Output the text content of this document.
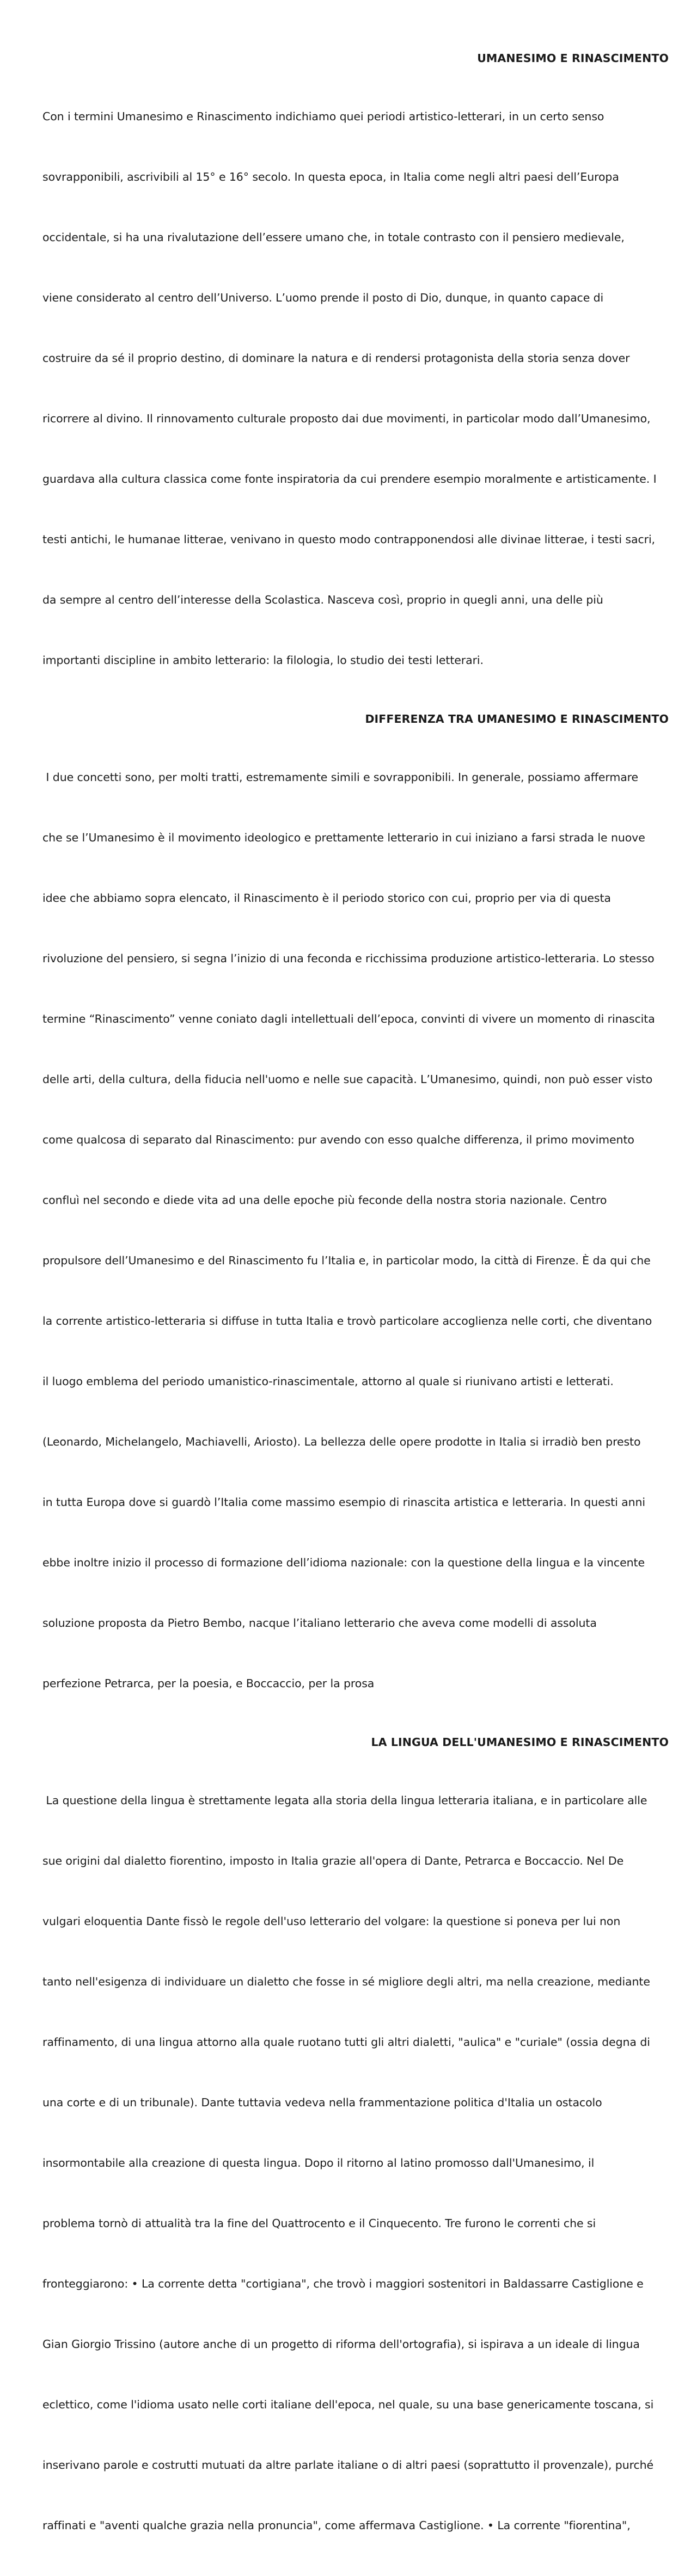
UMANESIMO E RINASCIMENTO

Con i termini Umanesimo e Rinascimento indichiamo quei periodi artistico-letterari, in un certo senso

sovrapponibili, ascrivibili al 15° e 16° secolo. In questa epoca, in Italia come negli altri paesi dell’Europa

occidentale, si ha una rivalutazione dell’essere umano che, in totale contrasto con il pensiero medievale,

viene considerato al centro dell’Universo. L’uomo prende il posto di Dio, dunque, in quanto capace di

costruire da sé il proprio destino, di dominare la natura e di rendersi protagonista della storia senza dover

ricorrere al divino. Il rinnovamento culturale proposto dai due movimenti, in particolar modo dall’Umanesimo,

guardava alla cultura classica come fonte inspiratoria da cui prendere esempio moralmente e artisticamente. I

testi antichi, le humanae litterae, venivano in questo modo contrapponendosi alle divinae litterae, i testi sacri,

da sempre al centro dell’interesse della Scolastica. Nasceva così, proprio in quegli anni, una delle più

importanti discipline in ambito letterario: la filologia, lo studio dei testi letterari.

DIFFERENZA TRA UMANESIMO E RINASCIMENTO

I due concetti sono, per molti tratti, estremamente simili e sovrapponibili. In generale, possiamo affermare

che se l’Umanesimo è il movimento ideologico e prettamente letterario in cui iniziano a farsi strada le nuove

idee che abbiamo sopra elencato, il Rinascimento è il periodo storico con cui, proprio per via di questa

rivoluzione del pensiero, si segna l’inizio di una feconda e ricchissima produzione artistico-letteraria. Lo stesso

termine “Rinascimento” venne coniato dagli intellettuali dell’epoca, convinti di vivere un momento di rinascita

delle arti, della cultura, della fiducia nell'uomo e nelle sue capacità. L’Umanesimo, quindi, non può esser visto

come qualcosa di separato dal Rinascimento: pur avendo con esso qualche differenza, il primo movimento

confluì nel secondo e diede vita ad una delle epoche più feconde della nostra storia nazionale. Centro

propulsore dell’Umanesimo e del Rinascimento fu l’Italia e, in particolar modo, la città di Firenze. È da qui che

la corrente artistico-letteraria si diffuse in tutta Italia e trovò particolare accoglienza nelle corti, che diventano

il luogo emblema del periodo umanistico-rinascimentale, attorno al quale si riunivano artisti e letterati.

(Leonardo, Michelangelo, Machiavelli, Ariosto). La bellezza delle opere prodotte in Italia si irradiò ben presto

in tutta Europa dove si guardò l’Italia come massimo esempio di rinascita artistica e letteraria. In questi anni

ebbe inoltre inizio il processo di formazione dell’idioma nazionale: con la questione della lingua e la vincente

soluzione proposta da Pietro Bembo, nacque l’italiano letterario che aveva come modelli di assoluta

perfezione Petrarca, per la poesia, e Boccaccio, per la prosa

LA LINGUA DELL'UMANESIMO E RINASCIMENTO

La questione della lingua è strettamente legata alla storia della lingua letteraria italiana, e in particolare alle

sue origini dal dialetto fiorentino, imposto in Italia grazie all'opera di Dante, Petrarca e Boccaccio. Nel De

vulgari eloquentia Dante fissò le regole dell'uso letterario del volgare: la questione si poneva per lui non

tanto nell'esigenza di individuare un dialetto che fosse in sé migliore degli altri, ma nella creazione, mediante

raffinamento, di una lingua attorno alla quale ruotano tutti gli altri dialetti, "aulica" e "curiale" (ossia degna di

una corte e di un tribunale). Dante tuttavia vedeva nella frammentazione politica d'Italia un ostacolo

insormontabile alla creazione di questa lingua. Dopo il ritorno al latino promosso dall'Umanesimo, il

problema tornò di attualità tra la fine del Quattrocento e il Cinquecento. Tre furono le correnti che si

fronteggiarono: • La corrente detta "cortigiana", che trovò i maggiori sostenitori in Baldassarre Castiglione e

Gian Giorgio Trissino (autore anche di un progetto di riforma dell'ortografia), si ispirava a un ideale di lingua

eclettico, come l'idioma usato nelle corti italiane dell'epoca, nel quale, su una base genericamente toscana, si

inserivano parole e costrutti mutuati da altre parlate italiane o di altri paesi (soprattutto il provenzale), purché

raffinati e "aventi qualche grazia nella pronuncia", come affermava Castiglione. • La corrente "fiorentina",
